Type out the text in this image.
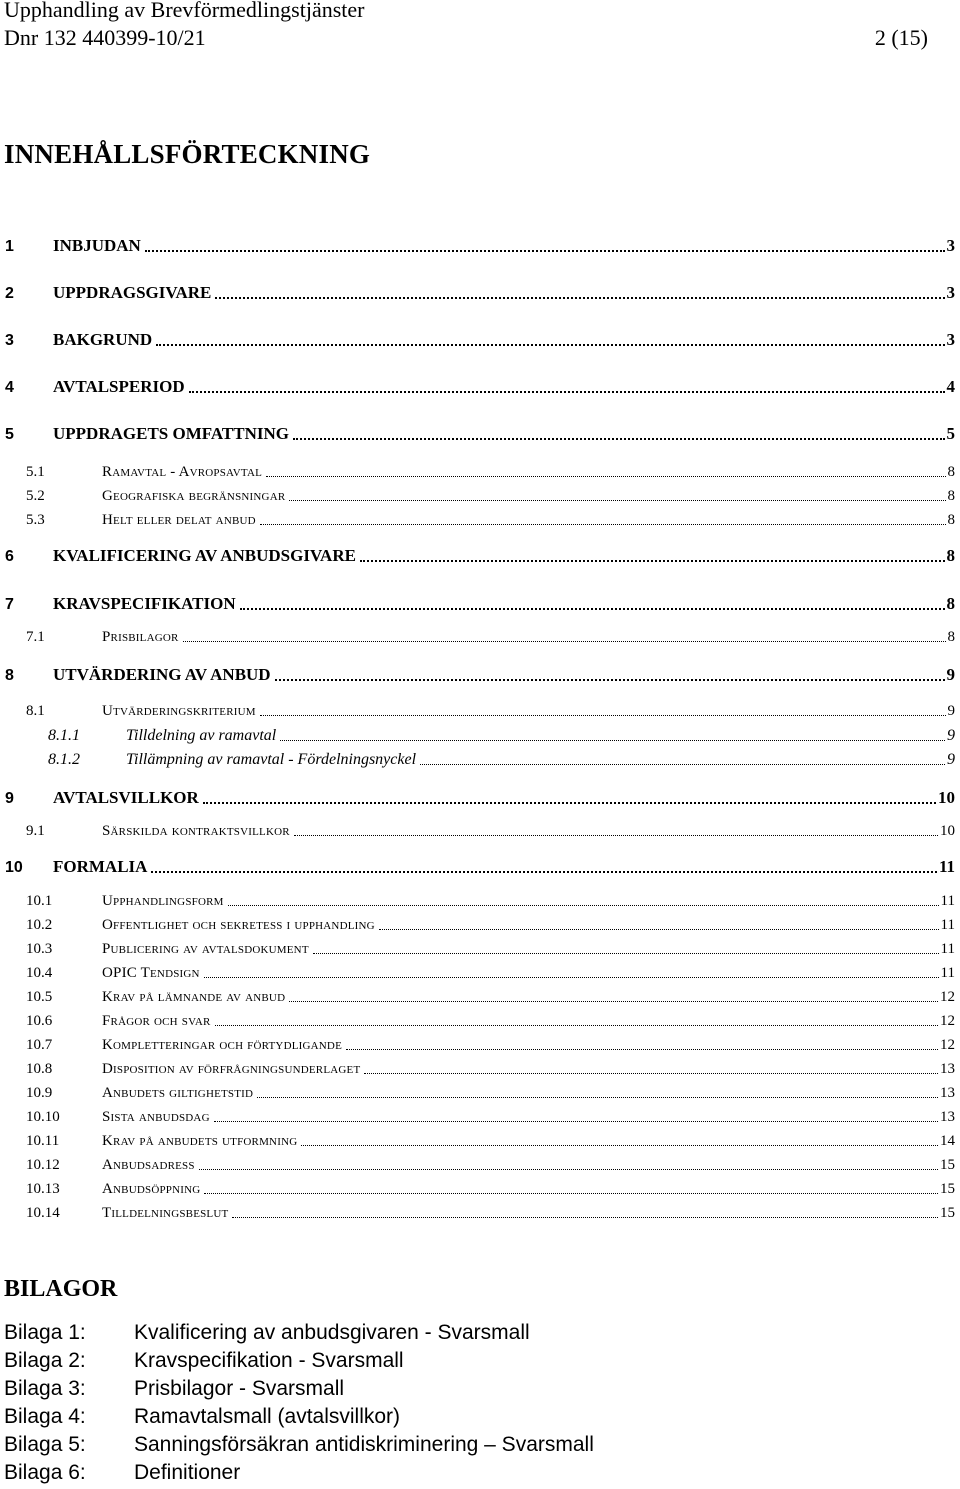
Upphandling av Brevförmedlingstjänster
Dnr 132 440399-10/21	2 (15)
INNEHÅLLSFÖRTECKNING
1	INBJUDAN	3
2	UPPDRAGSGIVARE	3
3	BAKGRUND	3
4	AVTALSPERIOD	4
5	UPPDRAGETS OMFATTNING	5
5.1	Ramavtal - Avropsavtal	8
5.2	Geografiska begränsningar	8
5.3	Helt eller delat anbud	8
6	KVALIFICERING AV ANBUDSGIVARE	8
7	KRAVSPECIFIKATION	8
7.1	Prisbilagor	8
8	UTVÄRDERING AV ANBUD	9
8.1	Utvärderingskriterium	9
8.1.1	Tilldelning av ramavtal	9
8.1.2	Tillämpning av ramavtal - Fördelningsnyckel	9
9	AVTALSVILLKOR	10
9.1	Särskilda kontraktsvillkor	10
10	FORMALIA	11
10.1	Upphandlingsform	11
10.2	Offentlighet och sekretess i upphandling	11
10.3	Publicering av avtalsdokument	11
10.4	OPIC Tendsign	11
10.5	Krav på lämnande av anbud	12
10.6	Frågor och svar	12
10.7	Kompletteringar och förtydligande	12
10.8	Disposition av förfrågningsunderlaget	13
10.9	Anbudets giltighetstid	13
10.10	Sista anbudsdag	13
10.11	Krav på anbudets utformning	14
10.12	Anbudsadress	15
10.13	Anbudsöppning	15
10.14	Tilldelningsbeslut	15
BILAGOR
Bilaga 1: Kvalificering av anbudsgivaren - Svarsmall
Bilaga 2: Kravspecifikation - Svarsmall
Bilaga 3: Prisbilagor - Svarsmall
Bilaga 4: Ramavtalsmall (avtalsvillkor)
Bilaga 5: Sanningsförsäkran antidiskriminering – Svarsmall
Bilaga 6: Definitioner
